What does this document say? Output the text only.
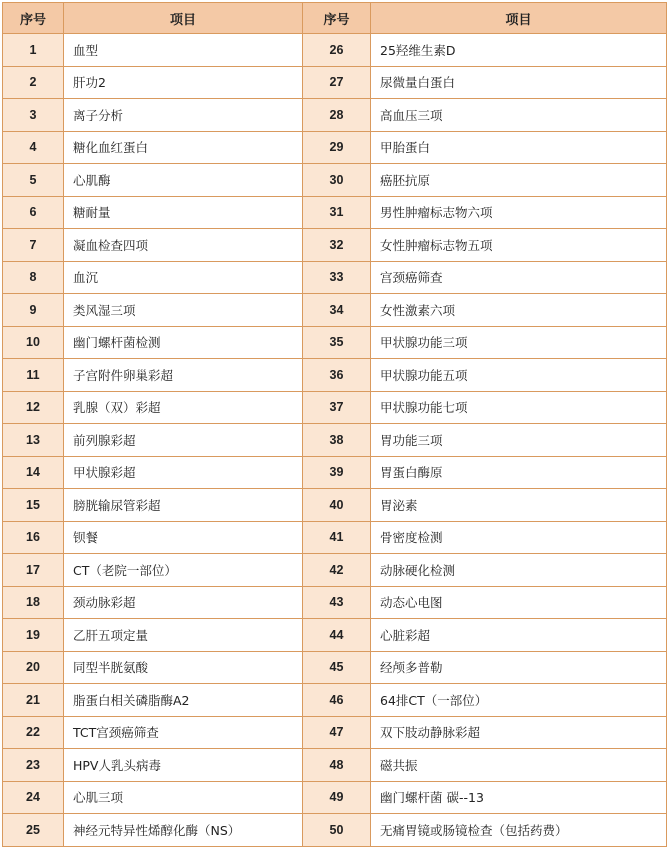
序号	项目	序号	项目
1	血型	26	25羟维生素D
2	肝功2	27	尿微量白蛋白
3	离子分析	28	高血压三项
4	糖化血红蛋白	29	甲胎蛋白
5	心肌酶	30	癌胚抗原
6	糖耐量	31	男性肿瘤标志物六项
7	凝血检查四项	32	女性肿瘤标志物五项
8	血沉	33	宫颈癌筛查
9	类风湿三项	34	女性激素六项
10	幽门螺杆菌检测	35	甲状腺功能三项
11	子宫附件卵巢彩超	36	甲状腺功能五项
12	乳腺（双）彩超	37	甲状腺功能七项
13	前列腺彩超	38	胃功能三项
14	甲状腺彩超	39	胃蛋白酶原
15	膀胱输尿管彩超	40	胃泌素
16	钡餐	41	骨密度检测
17	CT（老院一部位）	42	动脉硬化检测
18	颈动脉彩超	43	动态心电图
19	乙肝五项定量	44	心脏彩超
20	同型半胱氨酸	45	经颅多普勒
21	脂蛋白相关磷脂酶A2	46	64排CT（一部位）
22	TCT宫颈癌筛查	47	双下肢动静脉彩超
23	HPV人乳头病毒	48	磁共振
24	心肌三项	49	幽门螺杆菌 碳--13
25	神经元特异性烯醇化酶（NS）	50	无痛胃镜或肠镜检查（包括药费）
